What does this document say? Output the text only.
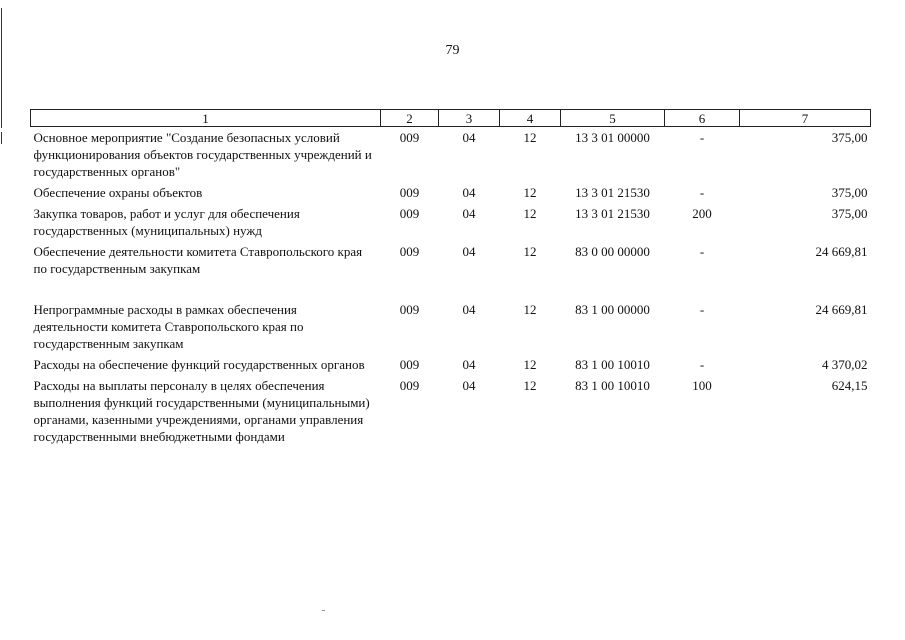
79
1	2	3	4	5	6	7
Основное мероприятие "Создание безопасных условий функционирования объектов государственных учреждений и государственных органов"	009	04	12	13 3 01 00000	-	375,00
Обеспечение охраны объектов	009	04	12	13 3 01 21530	-	375,00
Закупка товаров, работ и услуг для обеспечения государственных (муниципальных) нужд	009	04	12	13 3 01 21530	200	375,00
Обеспечение деятельности комитета Ставропольского края по государственным закупкам	009	04	12	83 0 00 00000	-	24 669,81
Непрограммные расходы в рамках обеспечения деятельности комитета Ставропольского края по государственным закупкам	009	04	12	83 1 00 00000	-	24 669,81
Расходы на обеспечение функций государственных органов	009	04	12	83 1 00 10010	-	4 370,02
Расходы на выплаты персоналу в целях обеспечения выполнения функций государственными (муниципальными) органами, казенными учреждениями, органами управления государственными внебюджетными фондами	009	04	12	83 1 00 10010	100	624,15
